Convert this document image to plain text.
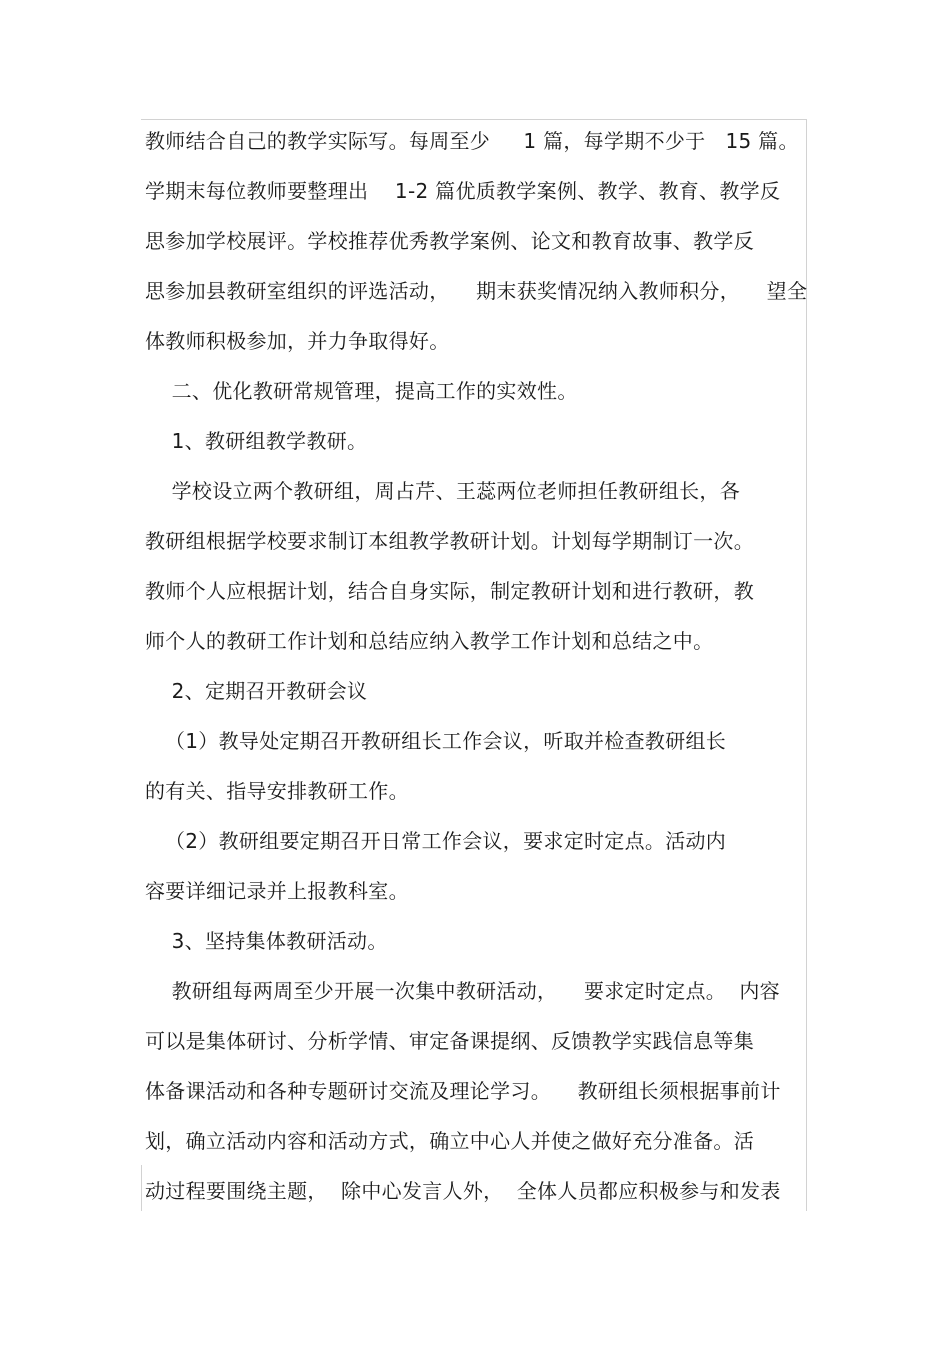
教师结合自己的教学实际写。每周至少     1 篇，每学期不少于   15 篇。
学期末每位教师要整理出    1-2 篇优质教学案例、教学、教育、教学反
思参加学校展评。学校推荐优秀教学案例、论文和教育故事、教学反
思参加县教研室组织的评选活动，    期末获奖情况纳入教师积分，    望全
体教师积极参加，并力争取得好。
二、优化教研常规管理，提高工作的实效性。
1、教研组教学教研。
学校设立两个教研组，周占芹、王蕊两位老师担任教研组长，各
教研组根据学校要求制订本组教学教研计划。计划每学期制订一次。
教师个人应根据计划，结合自身实际，制定教研计划和进行教研，教
师个人的教研工作计划和总结应纳入教学工作计划和总结之中。
2、定期召开教研会议
（1）教导处定期召开教研组长工作会议，听取并检查教研组长
的有关、指导安排教研工作。
（2）教研组要定期召开日常工作会议，要求定时定点。活动内
容要详细记录并上报教科室。
3、坚持集体教研活动。
教研组每两周至少开展一次集中教研活动，    要求定时定点。  内容
可以是集体研讨、分析学情、审定备课提纲、反馈教学实践信息等集
体备课活动和各种专题研讨交流及理论学习。    教研组长须根据事前计
划，确立活动内容和活动方式，确立中心人并使之做好充分准备。活
动过程要围绕主题，  除中心发言人外，  全体人员都应积极参与和发表
